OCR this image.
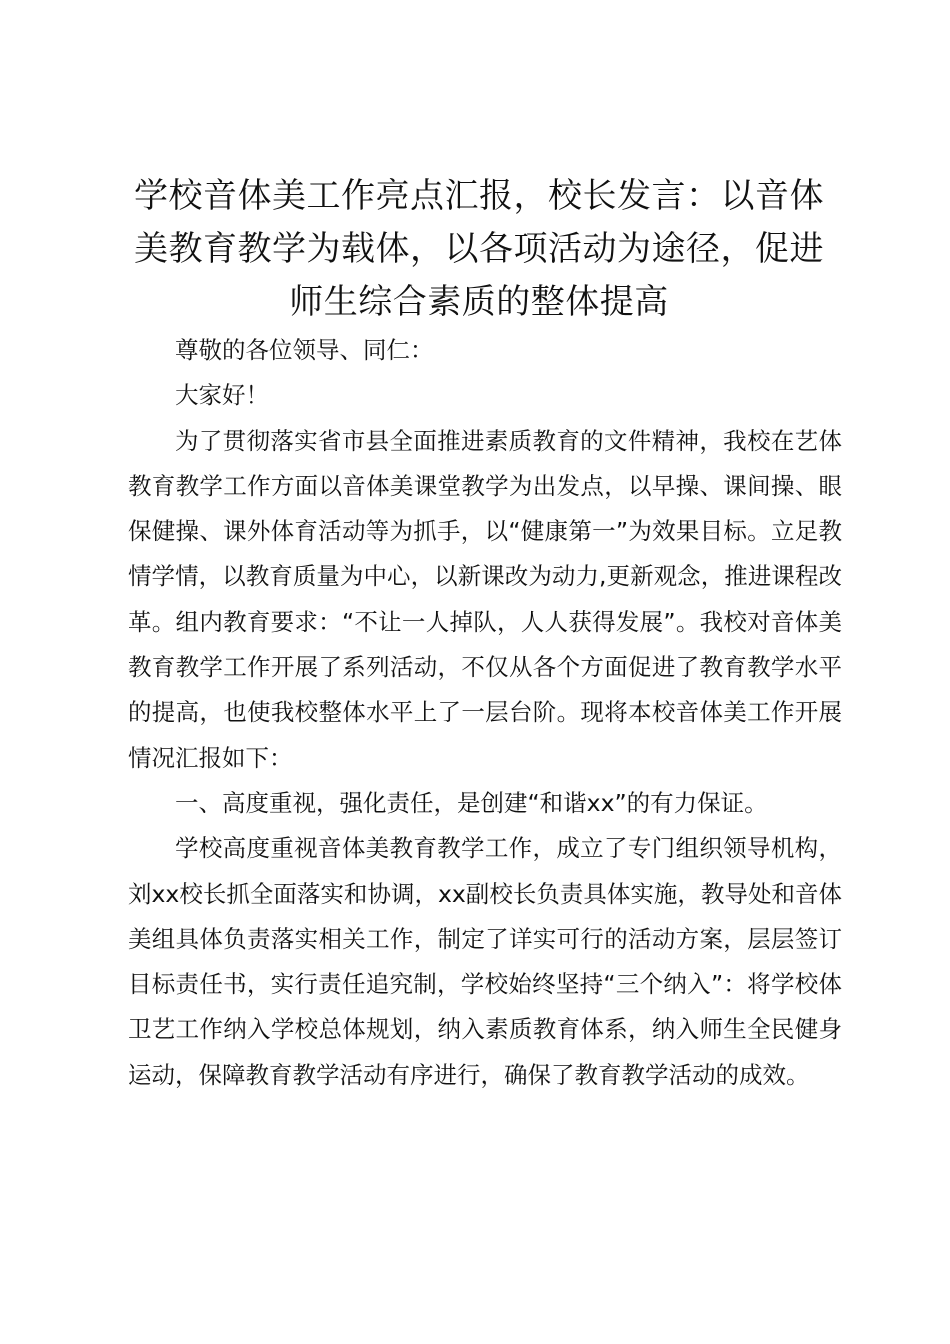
学校音体美工作亮点汇报，校长发言：以音体美教育教学为载体，以各项活动为途径，促进师生综合素质的整体提高

尊敬的各位领导、同仁：

大家好！

为了贯彻落实省市县全面推进素质教育的文件精神，我校在艺体教育教学工作方面以音体美课堂教学为出发点，以早操、课间操、眼保健操、课外体育活动等为抓手，以“健康第一”为效果目标。立足教情学情，以教育质量为中心，以新课改为动力,更新观念，推进课程改革。组内教育要求：“不让一人掉队，人人获得发展”。我校对音体美教育教学工作开展了系列活动，不仅从各个方面促进了教育教学水平的提高，也使我校整体水平上了一层台阶。现将本校音体美工作开展情况汇报如下：

一、高度重视，强化责任，是创建“和谐xx”的有力保证。

学校高度重视音体美教育教学工作，成立了专门组织领导机构，刘xx校长抓全面落实和协调，xx副校长负责具体实施，教导处和音体美组具体负责落实相关工作，制定了详实可行的活动方案，层层签订目标责任书，实行责任追究制，学校始终坚持“三个纳入”：将学校体卫艺工作纳入学校总体规划，纳入素质教育体系，纳入师生全民健身运动，保障教育教学活动有序进行，确保了教育教学活动的成效。
